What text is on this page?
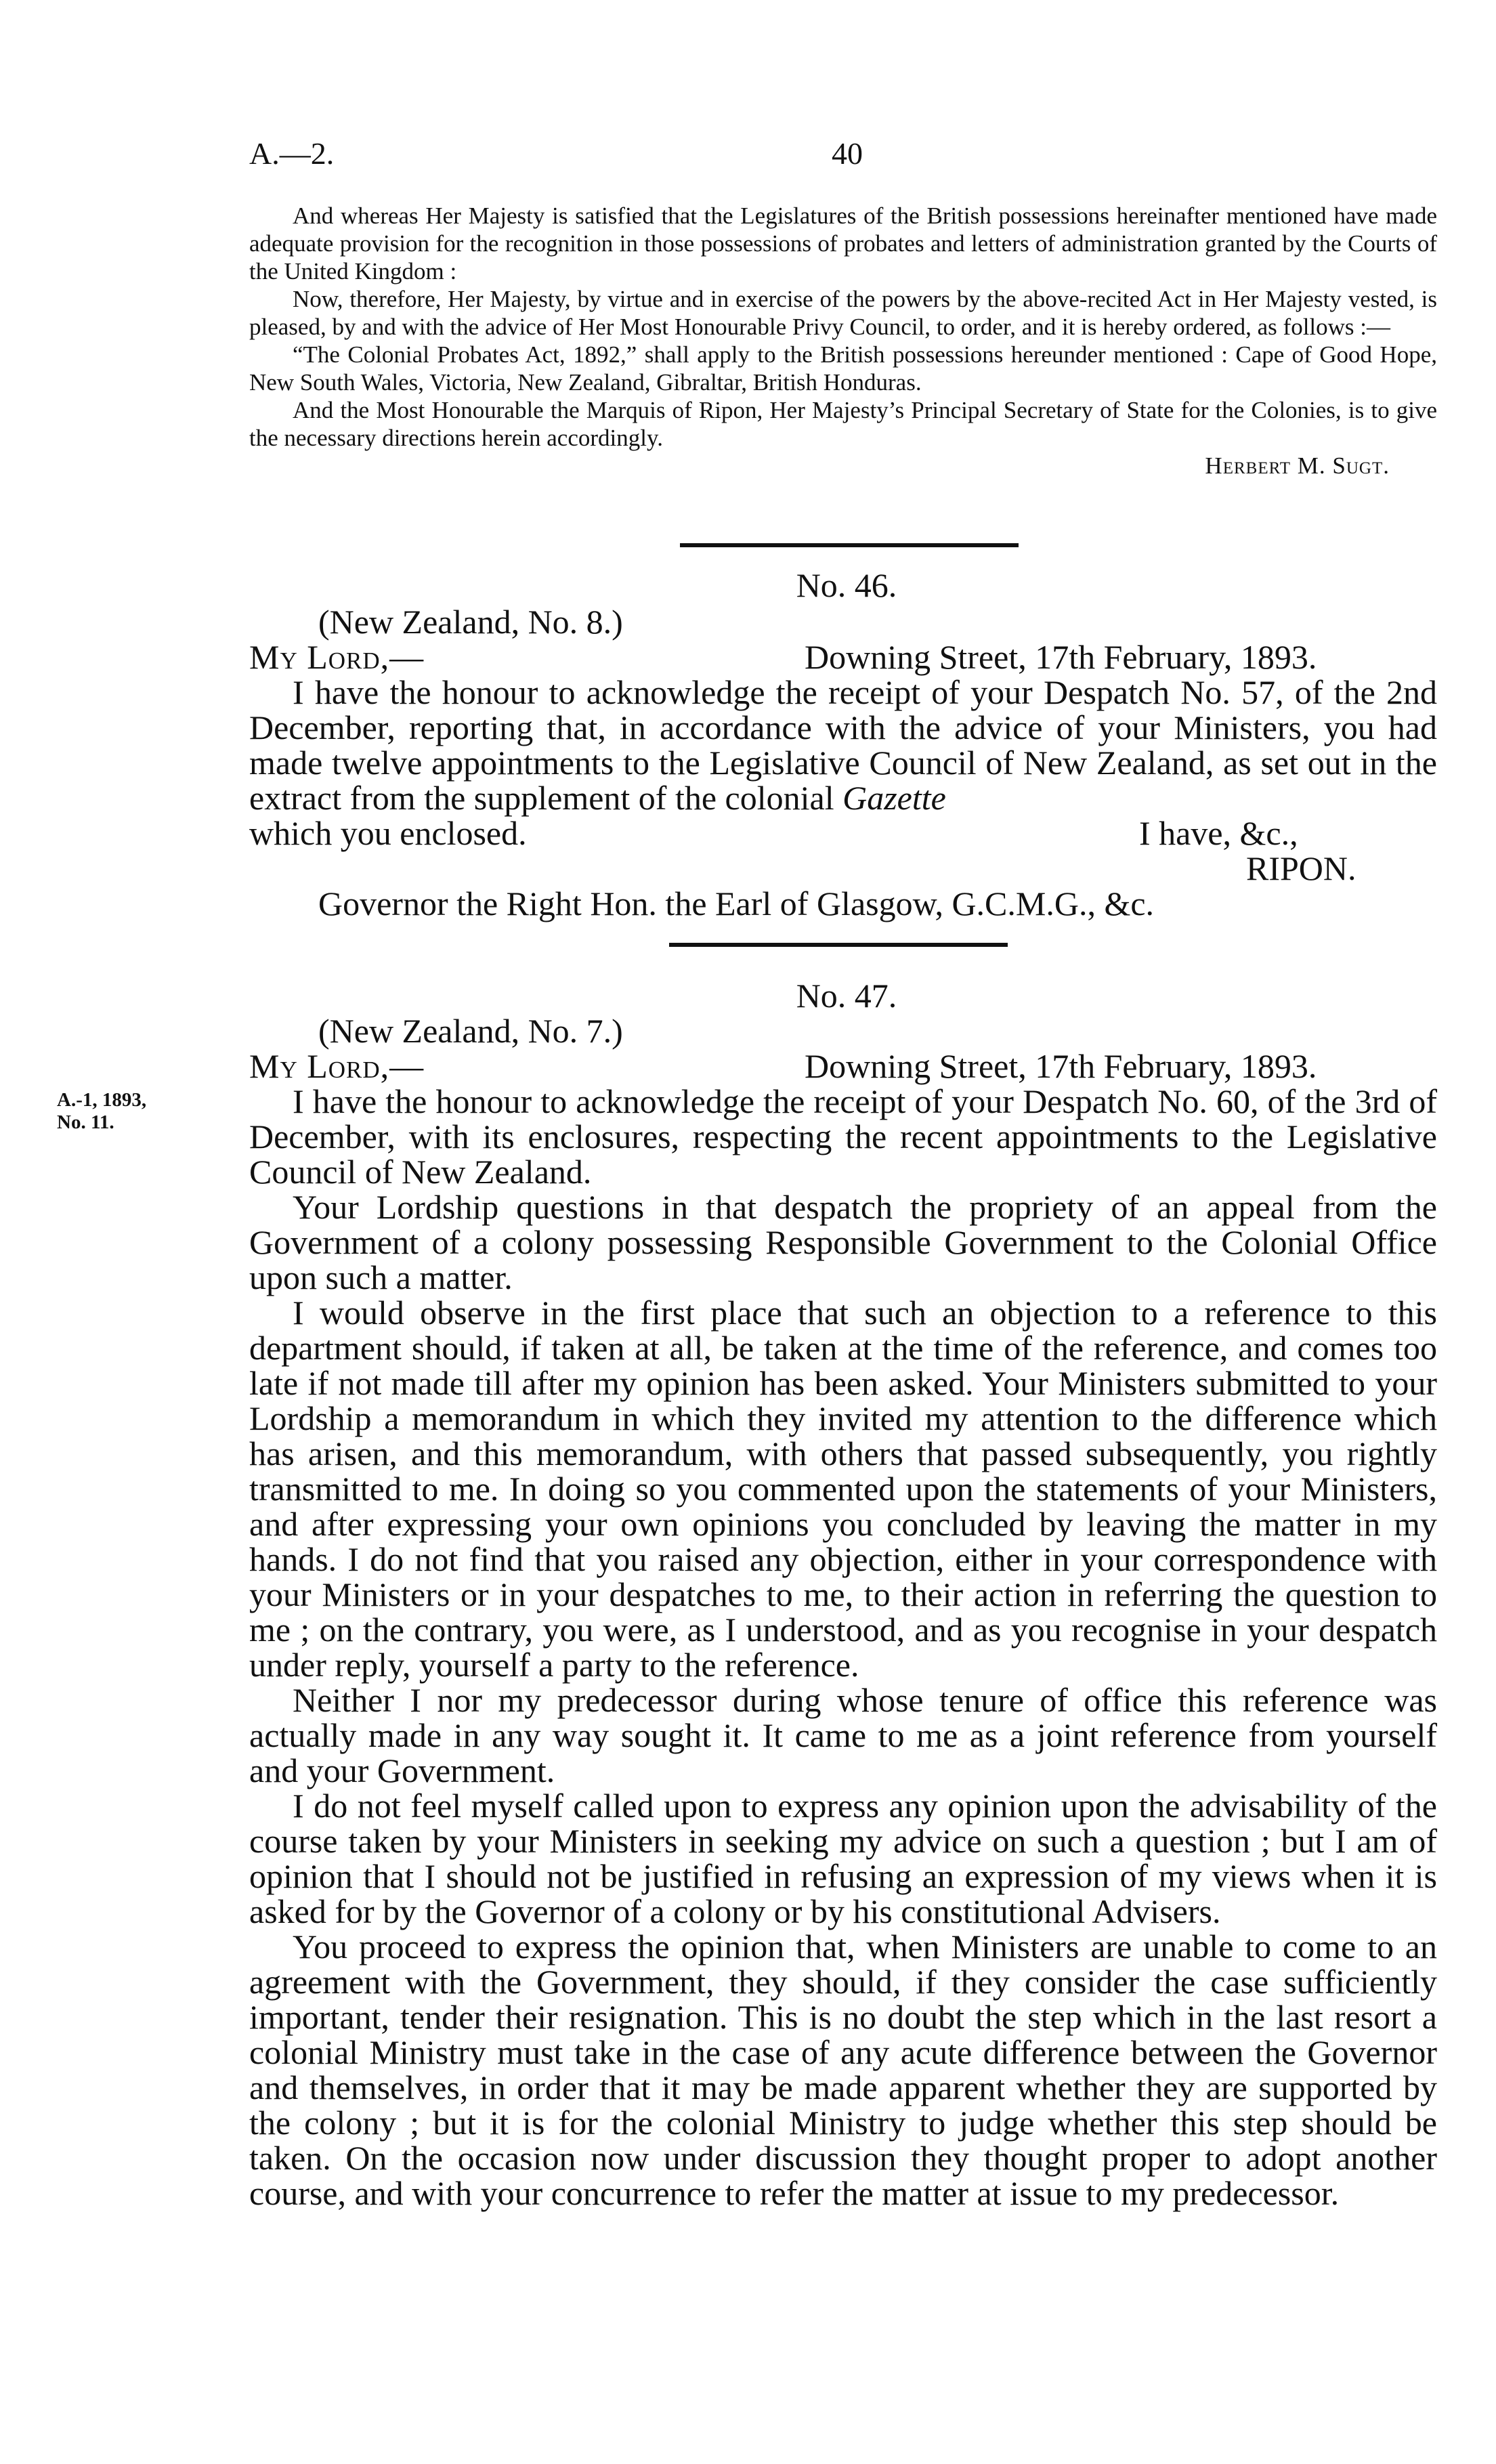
A.—2.	40

And whereas Her Majesty is satisfied that the Legislatures of the British possessions hereinafter mentioned have made adequate provision for the recognition in those possessions of probates and letters of administration granted by the Courts of the United Kingdom :

Now, therefore, Her Majesty, by virtue and in exercise of the powers by the above-recited Act in Her Majesty vested, is pleased, by and with the advice of Her Most Honourable Privy Council, to order, and it is hereby ordered, as follows :—

“The Colonial Probates Act, 1892,” shall apply to the British possessions hereunder mentioned : Cape of Good Hope, New South Wales, Victoria, New Zealand, Gibraltar, British Honduras.

And the Most Honourable the Marquis of Ripon, Her Majesty’s Principal Secretary of State for the Colonies, is to give the necessary directions herein accordingly.

Herbert M. Sugt.
No. 46.
(New Zealand, No. 8.)
My Lord,—	Downing Street, 17th February, 1893.
I have the honour to acknowledge the receipt of your Despatch No. 57, of the 2nd December, reporting that, in accordance with the advice of your Ministers, you had made twelve appointments to the Legislative Council of New Zealand, as set out in the extract from the supplement of the colonial Gazette
which you enclosed.	I have, &c.,
RIPON.
Governor the Right Hon. the Earl of Glasgow, G.C.M.G., &c.
No. 47.
(New Zealand, No. 7.)
My Lord,—	Downing Street, 17th February, 1893.
A.-1, 1893,
No. 11.

I have the honour to acknowledge the receipt of your Despatch No. 60, of the 3rd of December, with its enclosures, respecting the recent appointments to the Legislative Council of New Zealand.

Your Lordship questions in that despatch the propriety of an appeal from the Government of a colony possessing Responsible Government to the Colonial Office upon such a matter.

I would observe in the first place that such an objection to a reference to this department should, if taken at all, be taken at the time of the reference, and comes too late if not made till after my opinion has been asked. Your Ministers submitted to your Lordship a memorandum in which they invited my attention to the difference which has arisen, and this memorandum, with others that passed subsequently, you rightly transmitted to me. In doing so you commented upon the statements of your Ministers, and after expressing your own opinions you concluded by leaving the matter in my hands. I do not find that you raised any objection, either in your correspondence with your Ministers or in your despatches to me, to their action in referring the question to me ; on the contrary, you were, as I understood, and as you recognise in your despatch under reply, yourself a party to the reference.

Neither I nor my predecessor during whose tenure of office this reference was actually made in any way sought it. It came to me as a joint reference from yourself and your Government.

I do not feel myself called upon to express any opinion upon the advisability of the course taken by your Ministers in seeking my advice on such a question ; but I am of opinion that I should not be justified in refusing an expression of my views when it is asked for by the Governor of a colony or by his constitutional Advisers.

You proceed to express the opinion that, when Ministers are unable to come to an agreement with the Government, they should, if they consider the case sufficiently important, tender their resignation. This is no doubt the step which in the last resort a colonial Ministry must take in the case of any acute difference between the Governor and themselves, in order that it may be made apparent whether they are supported by the colony ; but it is for the colonial Ministry to judge whether this step should be taken. On the occasion now under discussion they thought proper to adopt another course, and with your concurrence to refer the matter at issue to my predecessor.
